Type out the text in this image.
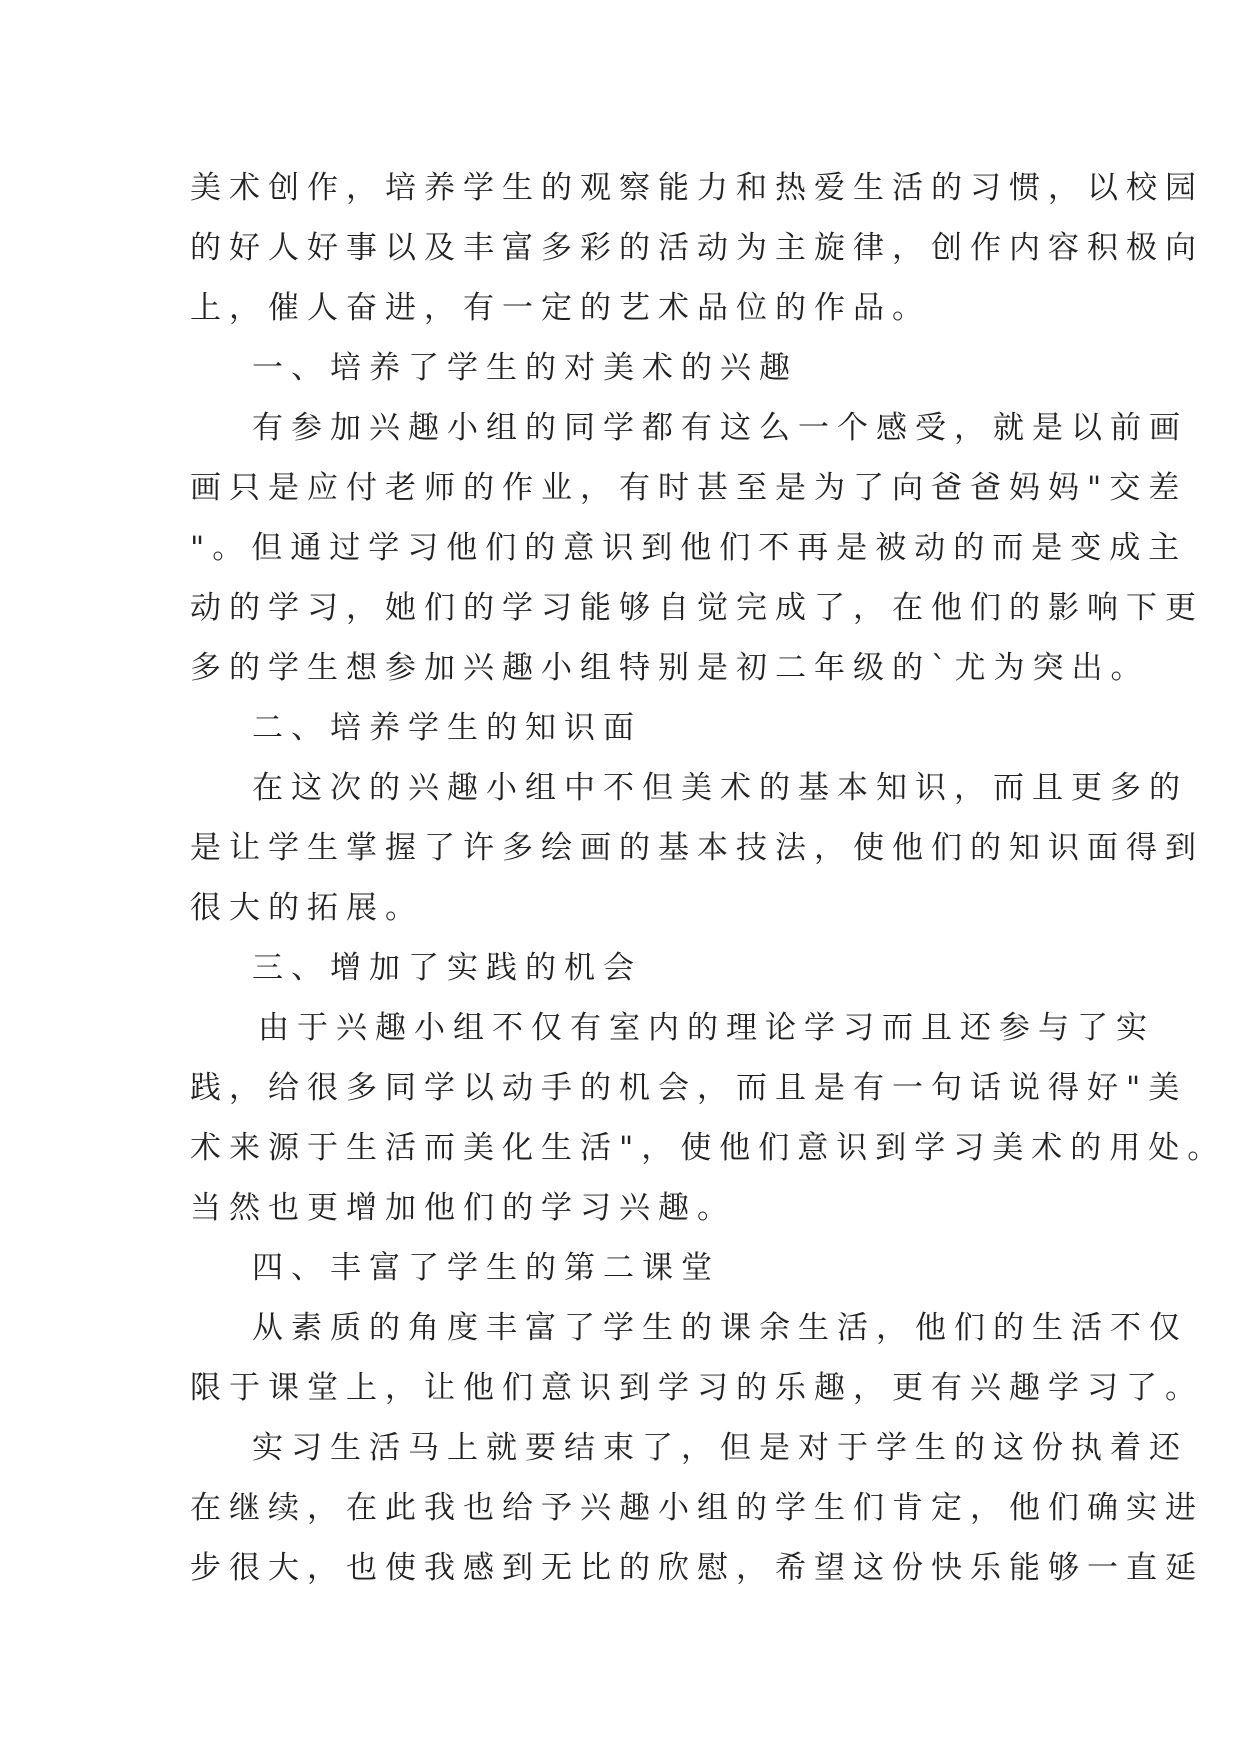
美术创作，培养学生的观察能力和热爱生活的习惯，以校园
的好人好事以及丰富多彩的活动为主旋律，创作内容积极向
上，催人奋进，有一定的艺术品位的作品。
一、培养了学生的对美术的兴趣
有参加兴趣小组的同学都有这么一个感受，就是以前画
画只是应付老师的作业，有时甚至是为了向爸爸妈妈"交差
"。但通过学习他们的意识到他们不再是被动的而是变成主
动的学习，她们的学习能够自觉完成了，在他们的影响下更
多的学生想参加兴趣小组特别是初二年级的`尤为突出。
二、培养学生的知识面
在这次的兴趣小组中不但美术的基本知识，而且更多的
是让学生掌握了许多绘画的基本技法，使他们的知识面得到
很大的拓展。
三、增加了实践的机会
由于兴趣小组不仅有室内的理论学习而且还参与了实
践，给很多同学以动手的机会，而且是有一句话说得好"美
术来源于生活而美化生活"，使他们意识到学习美术的用处。
当然也更增加他们的学习兴趣。
四、丰富了学生的第二课堂
从素质的角度丰富了学生的课余生活，他们的生活不仅
限于课堂上，让他们意识到学习的乐趣，更有兴趣学习了。
实习生活马上就要结束了，但是对于学生的这份执着还
在继续，在此我也给予兴趣小组的学生们肯定，他们确实进
步很大，也使我感到无比的欣慰，希望这份快乐能够一直延
